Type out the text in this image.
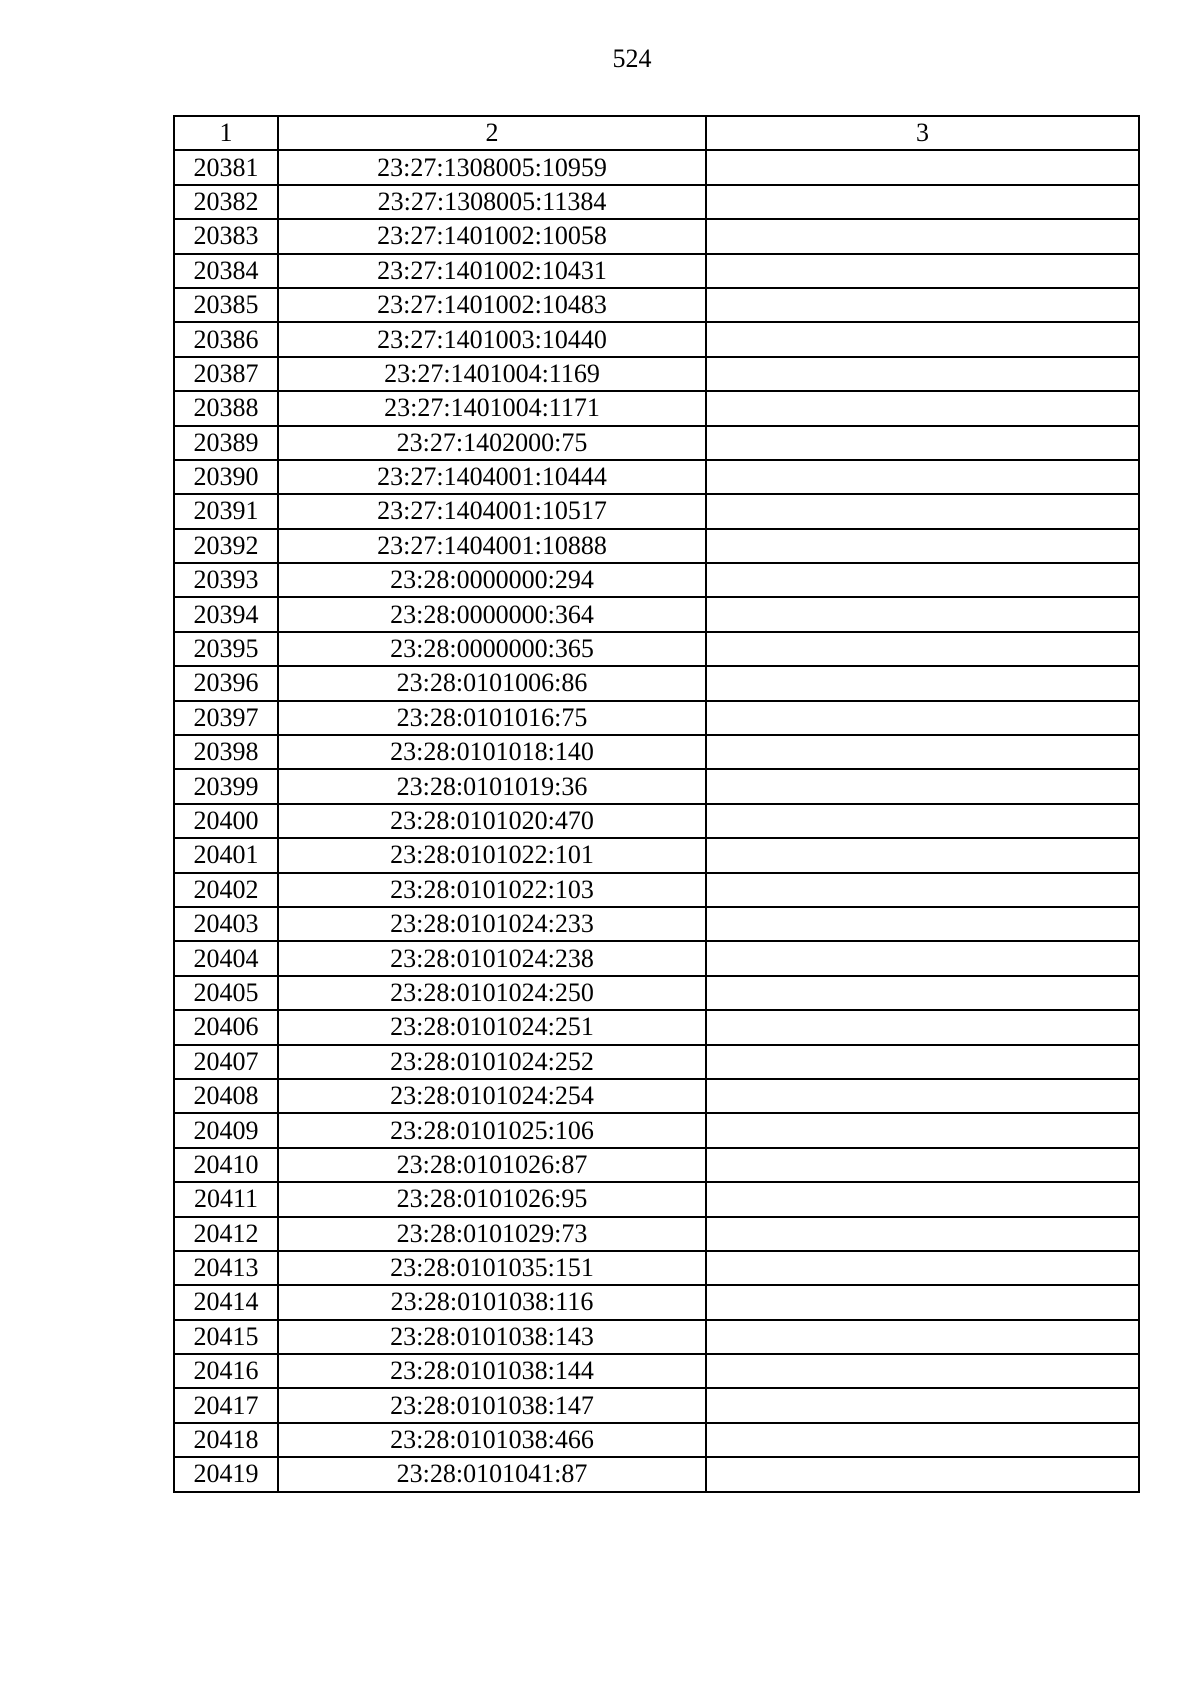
524
1	2	3
20381	23:27:1308005:10959	
20382	23:27:1308005:11384	
20383	23:27:1401002:10058	
20384	23:27:1401002:10431	
20385	23:27:1401002:10483	
20386	23:27:1401003:10440	
20387	23:27:1401004:1169	
20388	23:27:1401004:1171	
20389	23:27:1402000:75	
20390	23:27:1404001:10444	
20391	23:27:1404001:10517	
20392	23:27:1404001:10888	
20393	23:28:0000000:294	
20394	23:28:0000000:364	
20395	23:28:0000000:365	
20396	23:28:0101006:86	
20397	23:28:0101016:75	
20398	23:28:0101018:140	
20399	23:28:0101019:36	
20400	23:28:0101020:470	
20401	23:28:0101022:101	
20402	23:28:0101022:103	
20403	23:28:0101024:233	
20404	23:28:0101024:238	
20405	23:28:0101024:250	
20406	23:28:0101024:251	
20407	23:28:0101024:252	
20408	23:28:0101024:254	
20409	23:28:0101025:106	
20410	23:28:0101026:87	
20411	23:28:0101026:95	
20412	23:28:0101029:73	
20413	23:28:0101035:151	
20414	23:28:0101038:116	
20415	23:28:0101038:143	
20416	23:28:0101038:144	
20417	23:28:0101038:147	
20418	23:28:0101038:466	
20419	23:28:0101041:87	
